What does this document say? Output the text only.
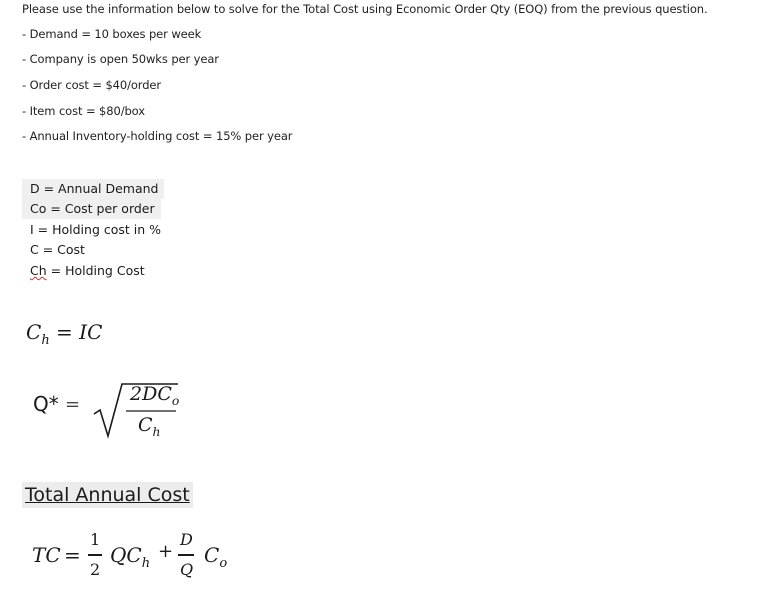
Please use the information below to solve for the Total Cost using Economic Order Qty (EOQ) from the previous question.
- Demand = 10 boxes per week
- Company is open 50wks per year
- Order cost = $40/order
- Item cost = $80/box
- Annual Inventory-holding cost = 15% per year
D = Annual Demand
Co = Cost per order
I = Holding cost in %
C = Cost
Ch = Holding Cost
$C_h$ = IC
Q* =	$2DC_o$
$C_h$
Total Annual Cost
TC =
1
2
$QC_h$
+
D
Q
$C_o$
